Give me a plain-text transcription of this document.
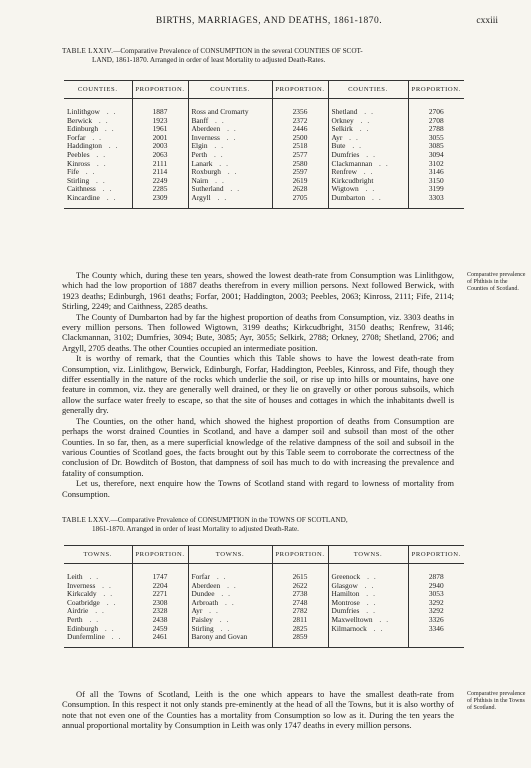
BIRTHS, MARRIAGES, AND DEATHS, 1861-1870.	cxxiii
TABLE LXXIV.—Comparative Prevalence of CONSUMPTION in the several COUNTIES OF SCOT-
LAND, 1861-1870. Arranged in order of least Mortality to adjusted Death-Rates.
COUNTIES.	PROPORTION.	COUNTIES.	PROPORTION.	COUNTIES.	PROPORTION.
Linlithgow ..	1887	Ross and Cromarty	2356	Shetland ..	2706
Berwick ..	1923	Banff ..	2372	Orkney ..	2708
Edinburgh ..	1961	Aberdeen ..	2446	Selkirk ..	2788
Forfar ..	2001	Inverness ..	2500	Ayr ..	3055
Haddington ..	2003	Elgin ..	2518	Bute ..	3085
Peebles ..	2063	Perth ..	2577	Dumfries ..	3094
Kinross ..	2111	Lanark ..	2580	Clackmannan ..	3102
Fife ..	2114	Roxburgh ..	2597	Renfrew ..	3146
Stirling ..	2249	Nairn ..	2619	Kirkcudbright	3150
Caithness ..	2285	Sutherland ..	2628	Wigtown ..	3199
Kincardine ..	2309	Argyll ..	2705	Dumbarton ..	3303

The County which, during these ten years, showed the lowest death-rate from Consumption was Linlithgow, which had the low proportion of 1887 deaths therefrom in every million persons. Next followed Berwick, with 1923 deaths; Edinburgh, 1961 deaths; Forfar, 2001; Haddington, 2003; Peebles, 2063; Kinross, 2111; Fife, 2114; Stirling, 2249; and Caithness, 2285 deaths.

The County of Dumbarton had by far the highest proportion of deaths from Consumption, viz. 3303 deaths in every million persons. Then followed Wigtown, 3199 deaths; Kirkcudbright, 3150 deaths; Renfrew, 3146; Clackmannan, 3102; Dumfries, 3094; Bute, 3085; Ayr, 3055; Selkirk, 2788; Orkney, 2708; Shetland, 2706; and Argyll, 2705 deaths. The other Counties occupied an intermediate position.

It is worthy of remark, that the Counties which this Table shows to have the lowest death-rate from Consumption, viz. Linlithgow, Berwick, Edinburgh, Forfar, Haddington, Peebles, Kinross, and Fife, though they differ essentially in the nature of the rocks which underlie the soil, or rise up into hills or mountains, have one feature in common, viz. they are generally well drained, or they lie on gravelly or other porous subsoils, which allow the surface water freely to escape, so that the site of houses and cottages in which the inhabitants dwell is generally dry.

The Counties, on the other hand, which showed the highest proportion of deaths from Consumption are perhaps the worst drained Counties in Scotland, and have a damper soil and subsoil than most of the other Counties. In so far, then, as a mere superficial knowledge of the relative dampness of the soil and subsoil in the various Counties of Scotland goes, the facts brought out by this Table seem to corroborate the correctness of the conclusion of Dr. Bowditch of Boston, that dampness of soil has much to do with increasing the prevalence and fatality of consumption.

Let us, therefore, next enquire how the Towns of Scotland stand with regard to lowness of mortality from Consumption.

Comparative prevalence of Phthisis in the Counties of Scotland.
TABLE LXXV.—Comparative Prevalence of CONSUMPTION in the TOWNS OF SCOTLAND,
1861-1870. Arranged in order of least Mortality to adjusted Death-Rate.
TOWNS.	PROPORTION.	TOWNS.	PROPORTION.	TOWNS.	PROPORTION.
Leith ..	1747	Forfar ..	2615	Greenock ..	2878
Inverness ..	2204	Aberdeen ..	2622	Glasgow ..	2940
Kirkcaldy ..	2271	Dundee ..	2738	Hamilton ..	3053
Coatbridge ..	2308	Arbroath ..	2748	Montrose ..	3292
Airdrie ..	2328	Ayr ..	2782	Dumfries ..	3292
Perth ..	2438	Paisley ..	2811	Maxwelltown ..	3326
Edinburgh ..	2459	Stirling ..	2825	Kilmarnock ..	3346
Dunfermline ..	2461	Barony and Govan	2859		

Of all the Towns of Scotland, Leith is the one which appears to have the smallest death-rate from Consumption. In this respect it not only stands pre-eminently at the head of all the Towns, but it is also worthy of note that not even one of the Counties has a mortality from Consumption so low as it. During the ten years the annual proportional mortality by Consumption in Leith was only 1747 deaths in every million persons.

Comparative prevalence of Phthisis in the Towns of Scotland.
